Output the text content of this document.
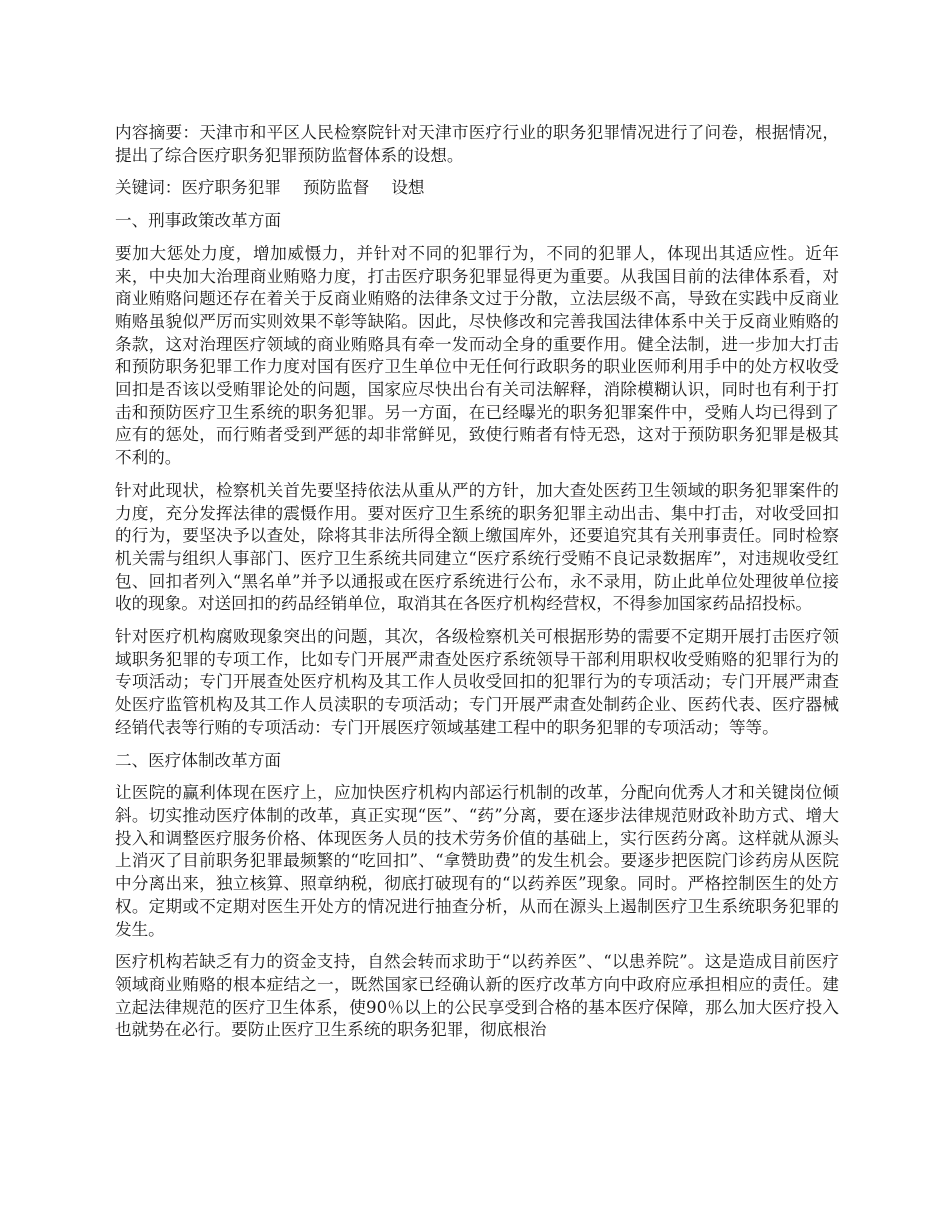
内容摘要：天津市和平区人民检察院针对天津市医疗行业的职务犯罪情况进行了问卷，根据情况，提出了综合医疗职务犯罪预防监督体系的设想。

关键词：医疗职务犯罪 预防监督 设想

一、刑事政策改革方面

要加大惩处力度，增加威慑力，并针对不同的犯罪行为，不同的犯罪人，体现出其适应性。近年来，中央加大治理商业贿赂力度，打击医疗职务犯罪显得更为重要。从我国目前的法律体系看，对商业贿赂问题还存在着关于反商业贿赂的法律条文过于分散，立法层级不高，导致在实践中反商业贿赂虽貌似严厉而实则效果不彰等缺陷。因此，尽快修改和完善我国法律体系中关于反商业贿赂的条款，这对治理医疗领域的商业贿赂具有牵一发而动全身的重要作用。健全法制，进一步加大打击和预防职务犯罪工作力度对国有医疗卫生单位中无任何行政职务的职业医师利用手中的处方权收受回扣是否该以受贿罪论处的问题，国家应尽快出台有关司法解释，消除模糊认识，同时也有利于打击和预防医疗卫生系统的职务犯罪。另一方面，在已经曝光的职务犯罪案件中，受贿人均已得到了应有的惩处，而行贿者受到严惩的却非常鲜见，致使行贿者有恃无恐，这对于预防职务犯罪是极其不利的。

针对此现状，检察机关首先要坚持依法从重从严的方针，加大查处医药卫生领域的职务犯罪案件的力度，充分发挥法律的震慑作用。要对医疗卫生系统的职务犯罪主动出击、集中打击，对收受回扣的行为，要坚决予以查处，除将其非法所得全额上缴国库外，还要追究其有关刑事责任。同时检察机关需与组织人事部门、医疗卫生系统共同建立“医疗系统行受贿不良记录数据库”，对违规收受红包、回扣者列入“黑名单”并予以通报或在医疗系统进行公布，永不录用，防止此单位处理彼单位接收的现象。对送回扣的药品经销单位，取消其在各医疗机构经营权，不得参加国家药品招投标。

针对医疗机构腐败现象突出的问题，其次，各级检察机关可根据形势的需要不定期开展打击医疗领域职务犯罪的专项工作，比如专门开展严肃查处医疗系统领导干部利用职权收受贿赂的犯罪行为的专项活动；专门开展查处医疗机构及其工作人员收受回扣的犯罪行为的专项活动；专门开展严肃查处医疗监管机构及其工作人员渎职的专项活动；专门开展严肃查处制药企业、医药代表、医疗器械经销代表等行贿的专项活动：专门开展医疗领域基建工程中的职务犯罪的专项活动；等等。

二、医疗体制改革方面

让医院的赢利体现在医疗上，应加快医疗机构内部运行机制的改革，分配向优秀人才和关键岗位倾斜。切实推动医疗体制的改革，真正实现“医”、“药”分离，要在逐步法律规范财政补助方式、增大投入和调整医疗服务价格、体现医务人员的技术劳务价值的基础上，实行医药分离。这样就从源头上消灭了目前职务犯罪最频繁的“吃回扣”、“拿赞助费”的发生机会。要逐步把医院门诊药房从医院中分离出来，独立核算、照章纳税，彻底打破现有的“以药养医”现象。同时。严格控制医生的处方权。定期或不定期对医生开处方的情况进行抽查分析，从而在源头上遏制医疗卫生系统职务犯罪的发生。

医疗机构若缺乏有力的资金支持，自然会转而求助于“以药养医”、“以患养院”。这是造成目前医疗领域商业贿赂的根本症结之一，既然国家已经确认新的医疗改革方向中政府应承担相应的责任。建立起法律规范的医疗卫生体系，使90％以上的公民享受到合格的基本医疗保障，那么加大医疗投入也就势在必行。要防止医疗卫生系统的职务犯罪，彻底根治
